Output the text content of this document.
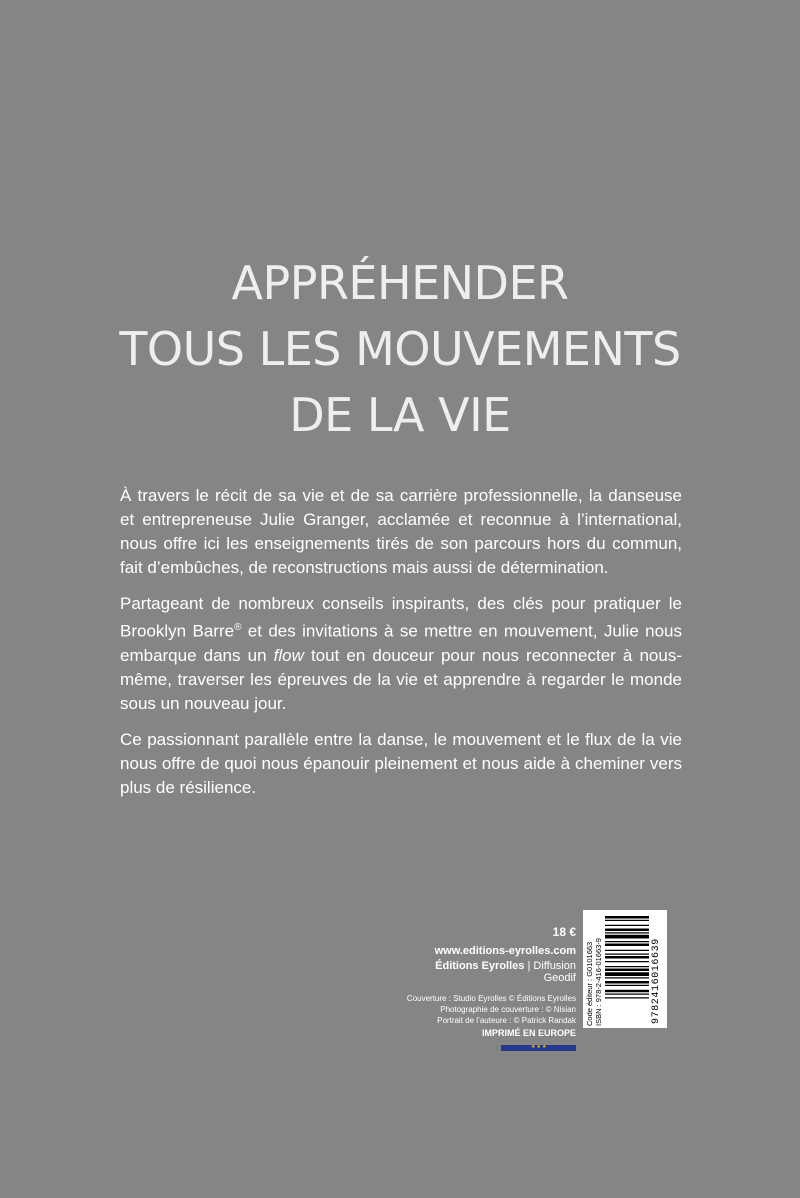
APPRÉHENDER
TOUS LES MOUVEMENTS
DE LA VIE

À travers le récit de sa vie et de sa carrière professionnelle, la danseuse et entrepreneuse Julie Granger, acclamée et reconnue à l’international, nous offre ici les enseignements tirés de son parcours hors du commun, fait d’embûches, de reconstructions mais aussi de détermination.

Partageant de nombreux conseils inspirants, des clés pour pratiquer le Brooklyn Barre® et des invitations à se mettre en mouvement, Julie nous embarque dans un flow tout en douceur pour nous reconnecter à nous-même, traverser les épreuves de la vie et apprendre à regarder le monde sous un nouveau jour.

Ce passionnant parallèle entre la danse, le mouvement et le flux de la vie nous offre de quoi nous épanouir pleinement et nous aide à cheminer vers plus de résilience.

18 €
www.editions-eyrolles.com
Éditions Eyrolles | Diffusion Geodif
Couverture : Studio Eyrolles © Éditions Eyrolles
Photographie de couverture : © Nisian
Portrait de l’auteure : © Patrick Randak
IMPRIMÉ EN EUROPE
★★★
Code éditeur : G0101663 ISBN : 978-2-416-01663-9	9782416016639
